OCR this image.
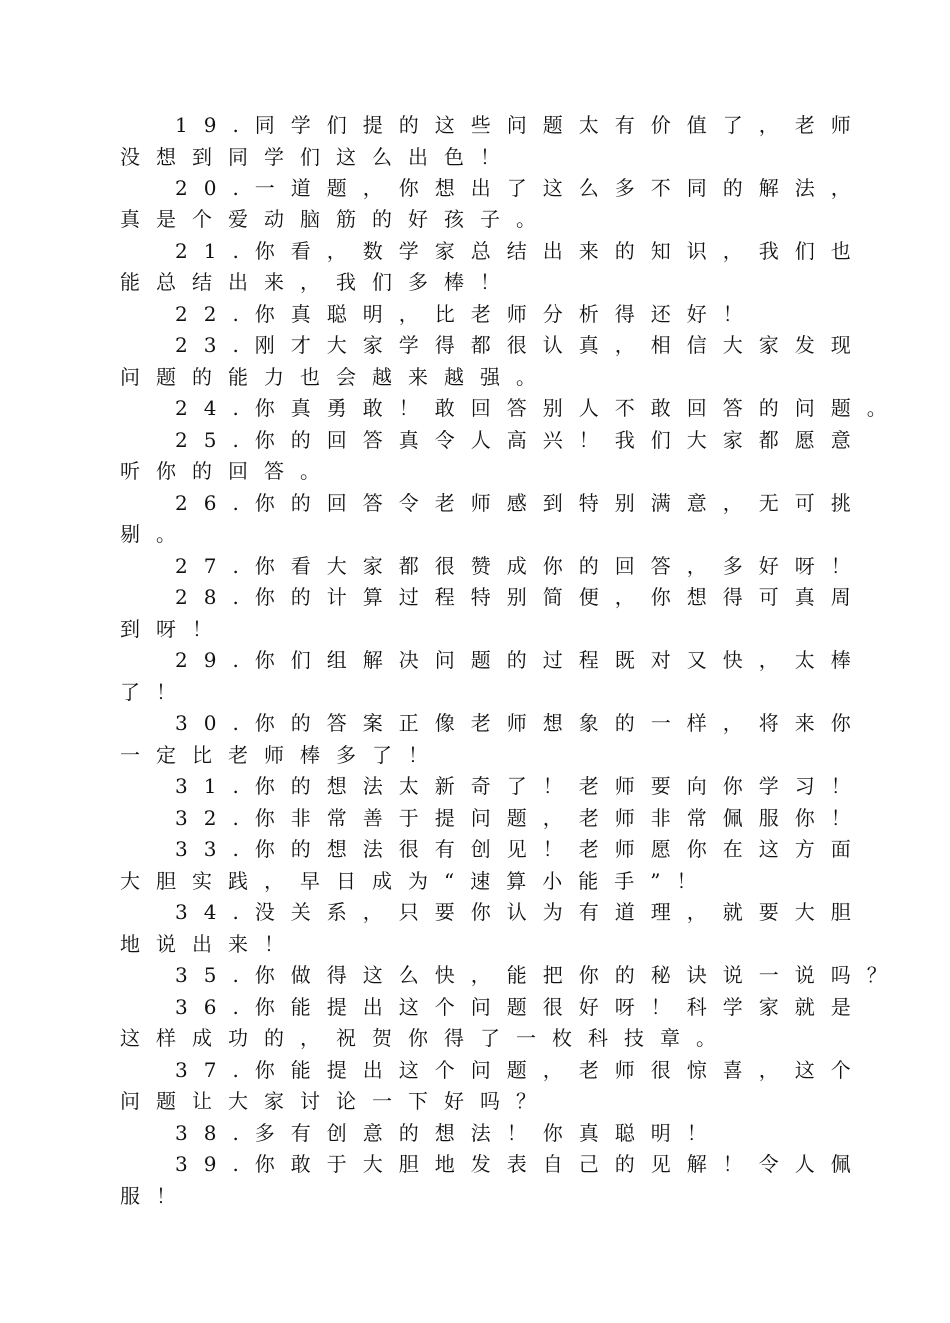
19.同学们提的这些问题太有价值了，老师
没想到同学们这么出色！
20.一道题，你想出了这么多不同的解法，
真是个爱动脑筋的好孩子。
21.你看，数学家总结出来的知识，我们也
能总结出来，我们多棒！
22.你真聪明，比老师分析得还好！
23.刚才大家学得都很认真，相信大家发现
问题的能力也会越来越强。
24.你真勇敢！敢回答别人不敢回答的问题。
25.你的回答真令人高兴！我们大家都愿意
听你的回答。
26.你的回答令老师感到特别满意，无可挑
剔。
27.你看大家都很赞成你的回答，多好呀！
28.你的计算过程特别简便，你想得可真周
到呀！
29.你们组解决问题的过程既对又快，太棒
了！
30.你的答案正像老师想象的一样，将来你
一定比老师棒多了！
31.你的想法太新奇了！老师要向你学习！
32.你非常善于提问题，老师非常佩服你！
33.你的想法很有创见！老师愿你在这方面
大胆实践，早日成为“速算小能手”！
34.没关系，只要你认为有道理，就要大胆
地说出来！
35.你做得这么快，能把你的秘诀说一说吗？
36.你能提出这个问题很好呀！科学家就是
这样成功的，祝贺你得了一枚科技章。
37.你能提出这个问题，老师很惊喜，这个
问题让大家讨论一下好吗？
38.多有创意的想法！你真聪明！
39.你敢于大胆地发表自己的见解！令人佩
服！
